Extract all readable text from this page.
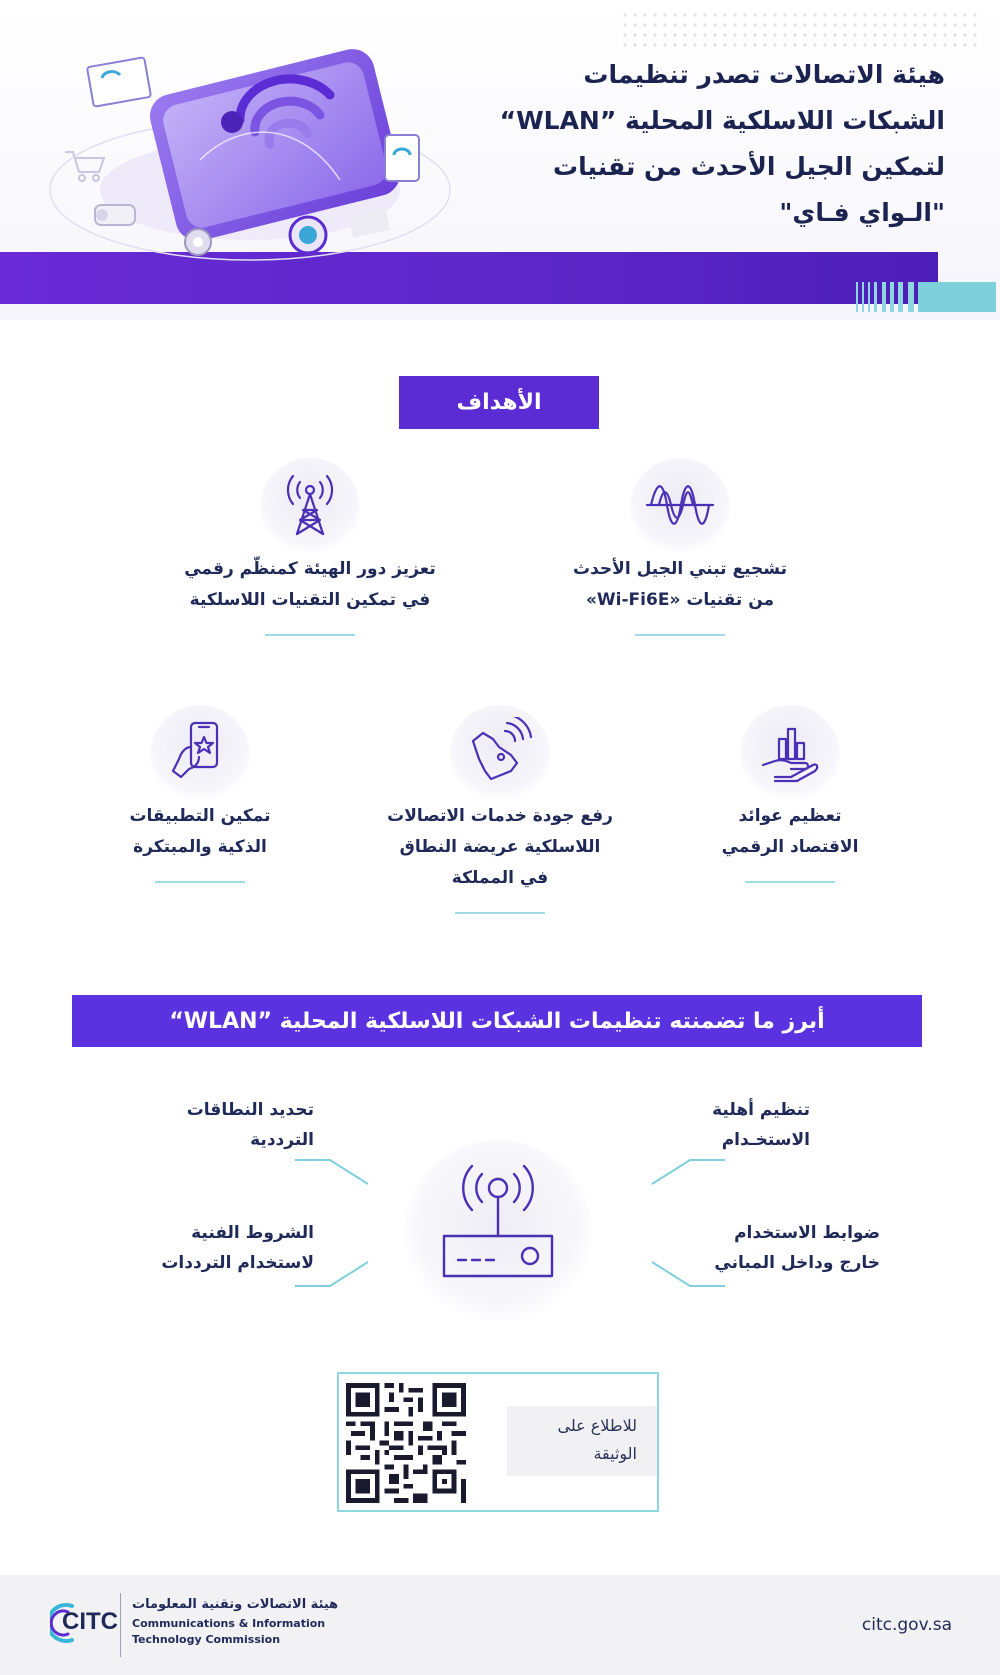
هيئة الاتصالات تصدر تنظيمات
الشبكات اللاسلكية المحلية ”WLAN“
لتمكين الجيل الأحدث من تقنيات
"الـواي فـاي"
الأهداف
تشجيع تبني الجيل الأحدث
من تقنيات «Wi-Fi6E»
تعزيز دور الهيئة كمنظّم رقمي
في تمكين التقنيات اللاسلكية
تعظيم عوائد
الاقتصاد الرقمي
رفع جودة خدمات الاتصالات
اللاسلكية عريضة النطاق
في المملكة
تمكين التطبيقات
الذكية والمبتكرة
أبرز ما تضمنته تنظيمات الشبكات اللاسلكية المحلية ”WLAN“
تنظيم أهلية
الاستخـدام
تحديد النطاقات
الترددية
ضوابط الاستخدام
خارج وداخل المباني
الشروط الفنية
لاستخدام الترددات
للاطلاع على
الوثيقة
CITC
هيئة الاتصالات وتقنية المعلومات
Communications & Information
Technology Commission
citc.gov.sa
